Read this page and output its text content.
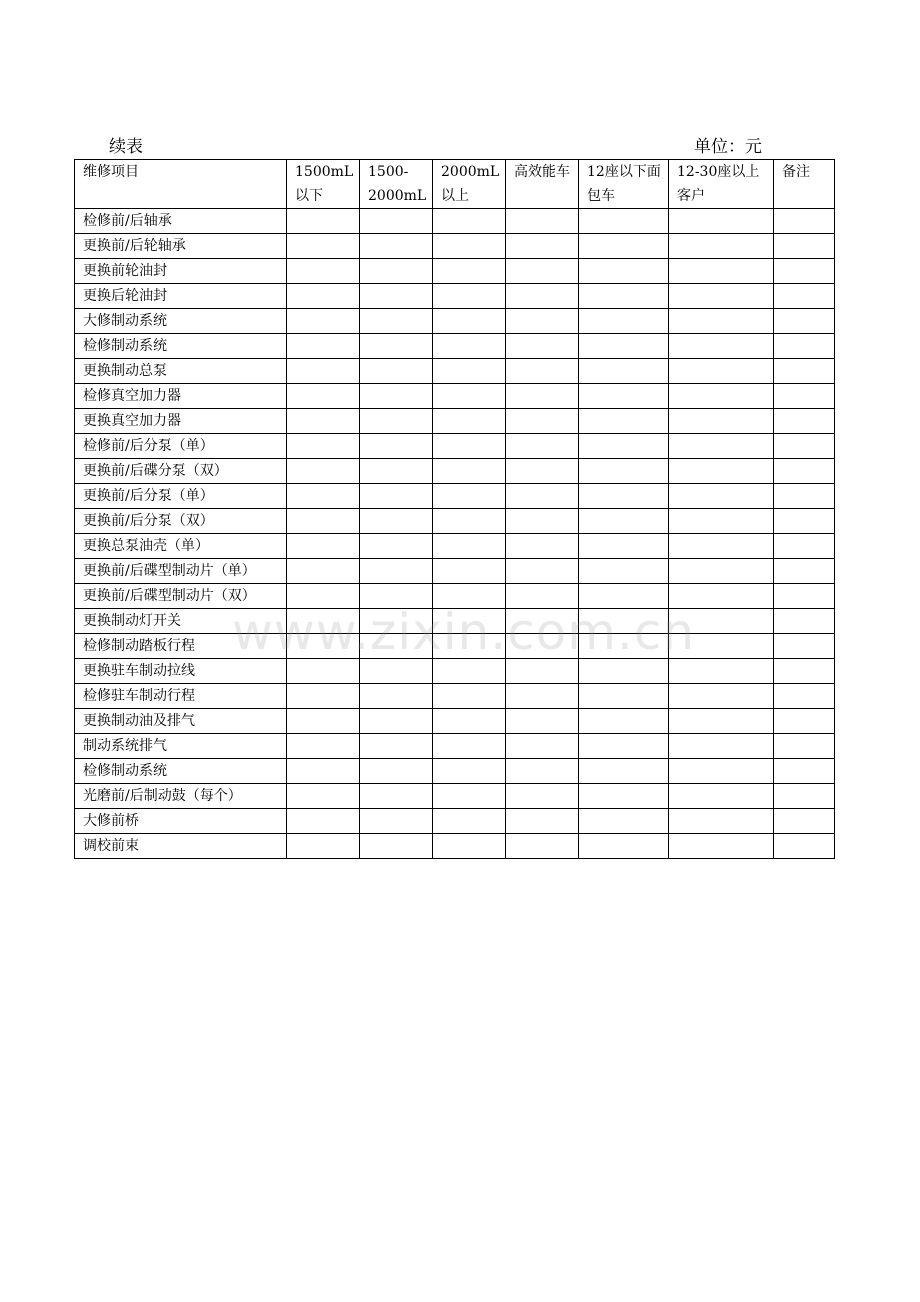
续表	单位：元
维修项目	1500mL以下	1500-2000mL	2000mL以上	高效能车	12座以下面包车	12-30座以上客户	备注
检修前/后轴承							
更换前/后轮轴承							
更换前轮油封							
更换后轮油封							
大修制动系统							
检修制动系统							
更换制动总泵							
检修真空加力器							
更换真空加力器							
检修前/后分泵（单）							
更换前/后碟分泵（双）							
更换前/后分泵（单）							
更换前/后分泵（双）							
更换总泵油壳（单）							
更换前/后碟型制动片（单）							
更换前/后碟型制动片（双）							
更换制动灯开关							
检修制动踏板行程							
更换驻车制动拉线							
检修驻车制动行程							
更换制动油及排气							
制动系统排气							
检修制动系统							
光磨前/后制动鼓（每个）							
大修前桥							
调校前束							
www.zixin.com.cn
